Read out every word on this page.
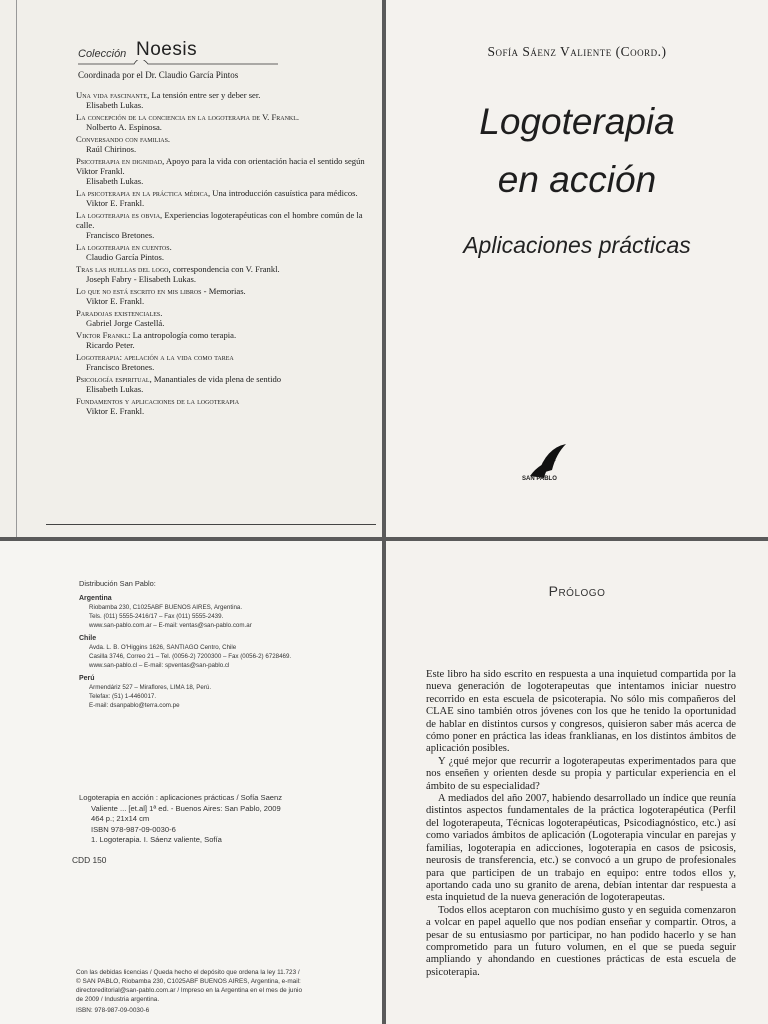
Colección Noesis
Coordinada por el Dr. Claudio García Pintos
Una vida fascinante, La tensión entre ser y deber ser.
Elisabeth Lukas.
La concepción de la conciencia en la logoterapia de V. Frankl.
Nolberto A. Espinosa.
Conversando con familias.
Raúl Chirinos.
Psicoterapia en dignidad, Apoyo para la vida con orientación hacia el sentido según Viktor Frankl.
Elisabeth Lukas.
La psicoterapia en la práctica médica, Una introducción casuística para médicos.
Viktor E. Frankl.
La logoterapia es obvia, Experiencias logoterapéuticas con el hombre común de la calle.
Francisco Bretones.
La logoterapia en cuentos.
Claudio García Pintos.
Tras las huellas del logo, correspondencia con V. Frankl.
Joseph Fabry - Elisabeth Lukas.
Lo que no está escrito en mis libros - Memorias.
Viktor E. Frankl.
Paradojas existenciales.
Gabriel Jorge Castellá.
Viktor Frankl: La antropología como terapia.
Ricardo Peter.
Logoterapia: apelación a la vida como tarea
Francisco Bretones.
Psicología espiritual, Manantiales de vida plena de sentido
Elisabeth Lukas.
Fundamentos y aplicaciones de la logoterapia
Viktor E. Frankl.
Sofía Sáenz Valiente (Coord.)
Logoterapia
en acción
Aplicaciones prácticas
SAN PABLO
Distribución San Pablo:
Argentina
Riobamba 230, C1025ABF BUENOS AIRES, Argentina.
Tels. (011) 5555-2416/17 – Fax (011) 5555-2439.
www.san-pablo.com.ar – E-mail: ventas@san-pablo.com.ar
Chile
Avda. L. B. O'Higgins 1626, SANTIAGO Centro, Chile
Casilla 3746, Correo 21 – Tel. (0056-2) 7200300 – Fax (0056-2) 6728469.
www.san-pablo.cl – E-mail: spventas@san-pablo.cl
Perú
Armendáriz 527 – Miraflores, LIMA 18, Perú.
Telefax: (51) 1-4460017.
E-mail: dsanpablo@terra.com.pe
Logoterapia en acción : aplicaciones prácticas / Sofía Saenz
Valiente ... [et.al] 1ª ed. - Buenos Aires: San Pablo, 2009
464 p.; 21x14 cm
ISBN 978-987-09-0030-6
1. Logoterapia. I. Sáenz valiente, Sofía
CDD 150
Con las debidas licencias / Queda hecho el depósito que ordena la ley 11.723 /
© SAN PABLO, Riobamba 230, C1025ABF BUENOS AIRES, Argentina, e-mail:
directoreditorial@san-pablo.com.ar / Impreso en la Argentina en el mes de junio
de 2009 / Industria argentina.
ISBN: 978-987-09-0030-6
Prólogo

Este libro ha sido escrito en respuesta a una inquietud compartida por la nueva generación de logoterapeutas que intentamos iniciar nuestro recorrido en esta escuela de psicoterapia. No sólo mis compañeros del CLAE sino también otros jóvenes con los que he tenido la oportunidad de hablar en distintos cursos y congresos, quisieron saber más acerca de cómo poner en práctica las ideas franklianas, en los distintos ámbitos de aplicación posibles.

Y ¿qué mejor que recurrir a logoterapeutas experimentados para que nos enseñen y orienten desde su propia y particular experiencia en el ámbito de su especialidad?

A mediados del año 2007, habiendo desarrollado un índice que reunía distintos aspectos fundamentales de la práctica logoterapéutica (Perfil del logoterapeuta, Técnicas logoterapéuticas, Psicodiagnóstico, etc.) así como variados ámbitos de aplicación (Logoterapia vincular en parejas y familias, logoterapia en adicciones, logoterapia en casos de psicosis, neurosis de transferencia, etc.) se convocó a un grupo de profesionales para que participen de un trabajo en equipo: entre todos ellos y, aportando cada uno su granito de arena, debían intentar dar respuesta a esta inquietud de la nueva generación de logoterapeutas.

Todos ellos aceptaron con muchísimo gusto y en seguida comenzaron a volcar en papel aquello que nos podían enseñar y compartir. Otros, a pesar de su entusiasmo por participar, no han podido hacerlo y se han comprometido para un futuro volumen, en el que se pueda seguir ampliando y ahondando en cuestiones prácticas de esta escuela de psicoterapia.
